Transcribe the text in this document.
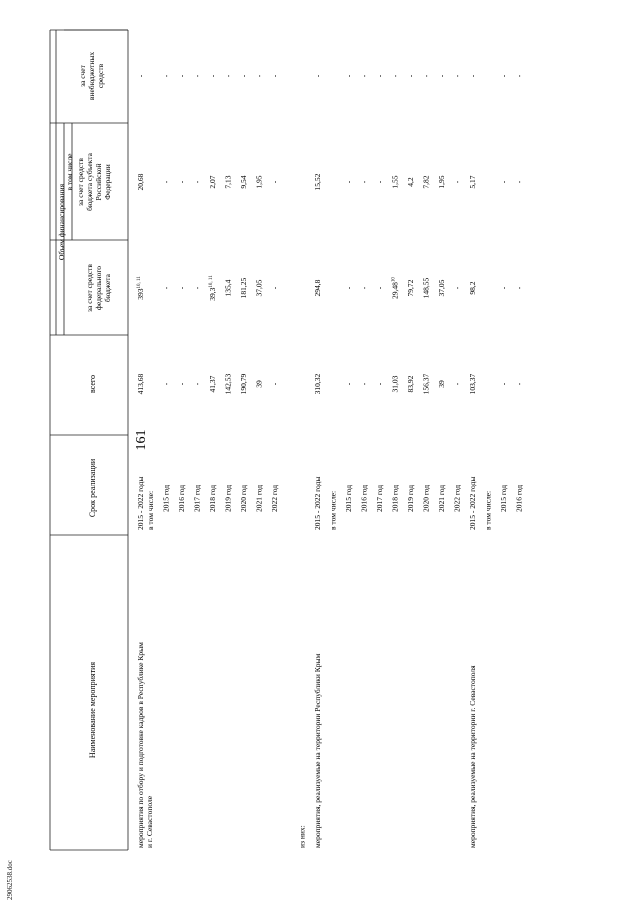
161
Наименование мероприятия
Срок реализации
всего
Объем финансирования
в том числе
за счет средств федерального бюджета
за счет средств бюджета субъекта Российской Федерации
за счет внебюджетных средств
мероприятия по отбору и подготовке кадров в Республике Крым и г. Севастополе
2015 - 2022 годы
413,68
393$^{10, 11}$
20,68
-
в том числе: 2015 год
-
-
-
-
2016 год
-
-
-
-
2017 год
-
-
-
-
2018 год
41,37
39,3$^{10, 11}$
2,07
-
2019 год
142,53
135,4
7,13
-
2020 год
190,79
181,25
9,54
-
2021 год
39
37,05
1,95
-
2022 год
-
-
-
-
из них: мероприятия, реализуемые на территории Республики Крым
2015 - 2022 годы
310,32
294,8
15,52
-
в том числе: 2015 год
-
-
-
-
2016 год
-
-
-
-
2017 год
-
-
-
-
2018 год
31,03
29,48$^{10}$
1,55
-
2019 год
83,92
79,72
4,2
-
2020 год
156,37
148,55
7,82
-
2021 год
39
37,05
1,95
-
2022 год
-
-
-
-
мероприятия, реализуемые на территории г. Севастополя
2015 - 2022 годы
103,37
98,2
5,17
-
в том числе: 2015 год
-
-
-
-
2016 год
-
-
-
-
29062538.doc
